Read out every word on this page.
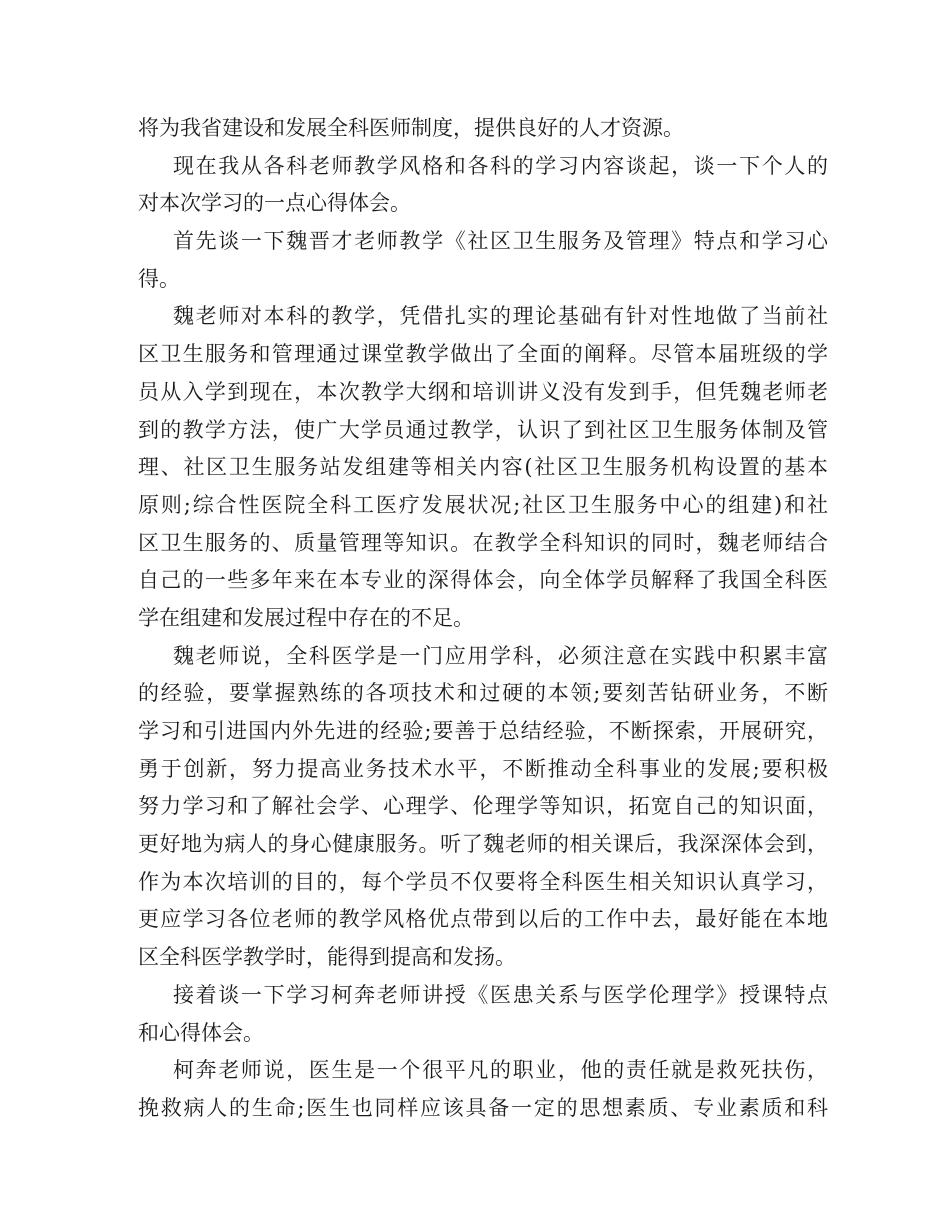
将为我省建设和发展全科医师制度，提供良好的人才资源。
现在我从各科老师教学风格和各科的学习内容谈起，谈一下个人的
对本次学习的一点心得体会。
首先谈一下魏晋才老师教学《社区卫生服务及管理》特点和学习心
得。
魏老师对本科的教学，凭借扎实的理论基础有针对性地做了当前社
区卫生服务和管理通过课堂教学做出了全面的阐释。尽管本届班级的学
员从入学到现在，本次教学大纲和培训讲义没有发到手，但凭魏老师老
到的教学方法，使广大学员通过教学，认识了到社区卫生服务体制及管
理、社区卫生服务站发组建等相关内容(社区卫生服务机构设置的基本
原则;综合性医院全科工医疗发展状况;社区卫生服务中心的组建)和社
区卫生服务的、质量管理等知识。在教学全科知识的同时，魏老师结合
自己的一些多年来在本专业的深得体会，向全体学员解释了我国全科医
学在组建和发展过程中存在的不足。
魏老师说，全科医学是一门应用学科，必须注意在实践中积累丰富
的经验，要掌握熟练的各项技术和过硬的本领;要刻苦钻研业务，不断
学习和引进国内外先进的经验;要善于总结经验，不断探索，开展研究，
勇于创新，努力提高业务技术水平，不断推动全科事业的发展;要积极
努力学习和了解社会学、心理学、伦理学等知识，拓宽自己的知识面，
更好地为病人的身心健康服务。听了魏老师的相关课后，我深深体会到，
作为本次培训的目的，每个学员不仅要将全科医生相关知识认真学习，
更应学习各位老师的教学风格优点带到以后的工作中去，最好能在本地
区全科医学教学时，能得到提高和发扬。
接着谈一下学习柯奔老师讲授《医患关系与医学伦理学》授课特点
和心得体会。
柯奔老师说，医生是一个很平凡的职业，他的责任就是救死扶伤，
挽救病人的生命;医生也同样应该具备一定的思想素质、专业素质和科
